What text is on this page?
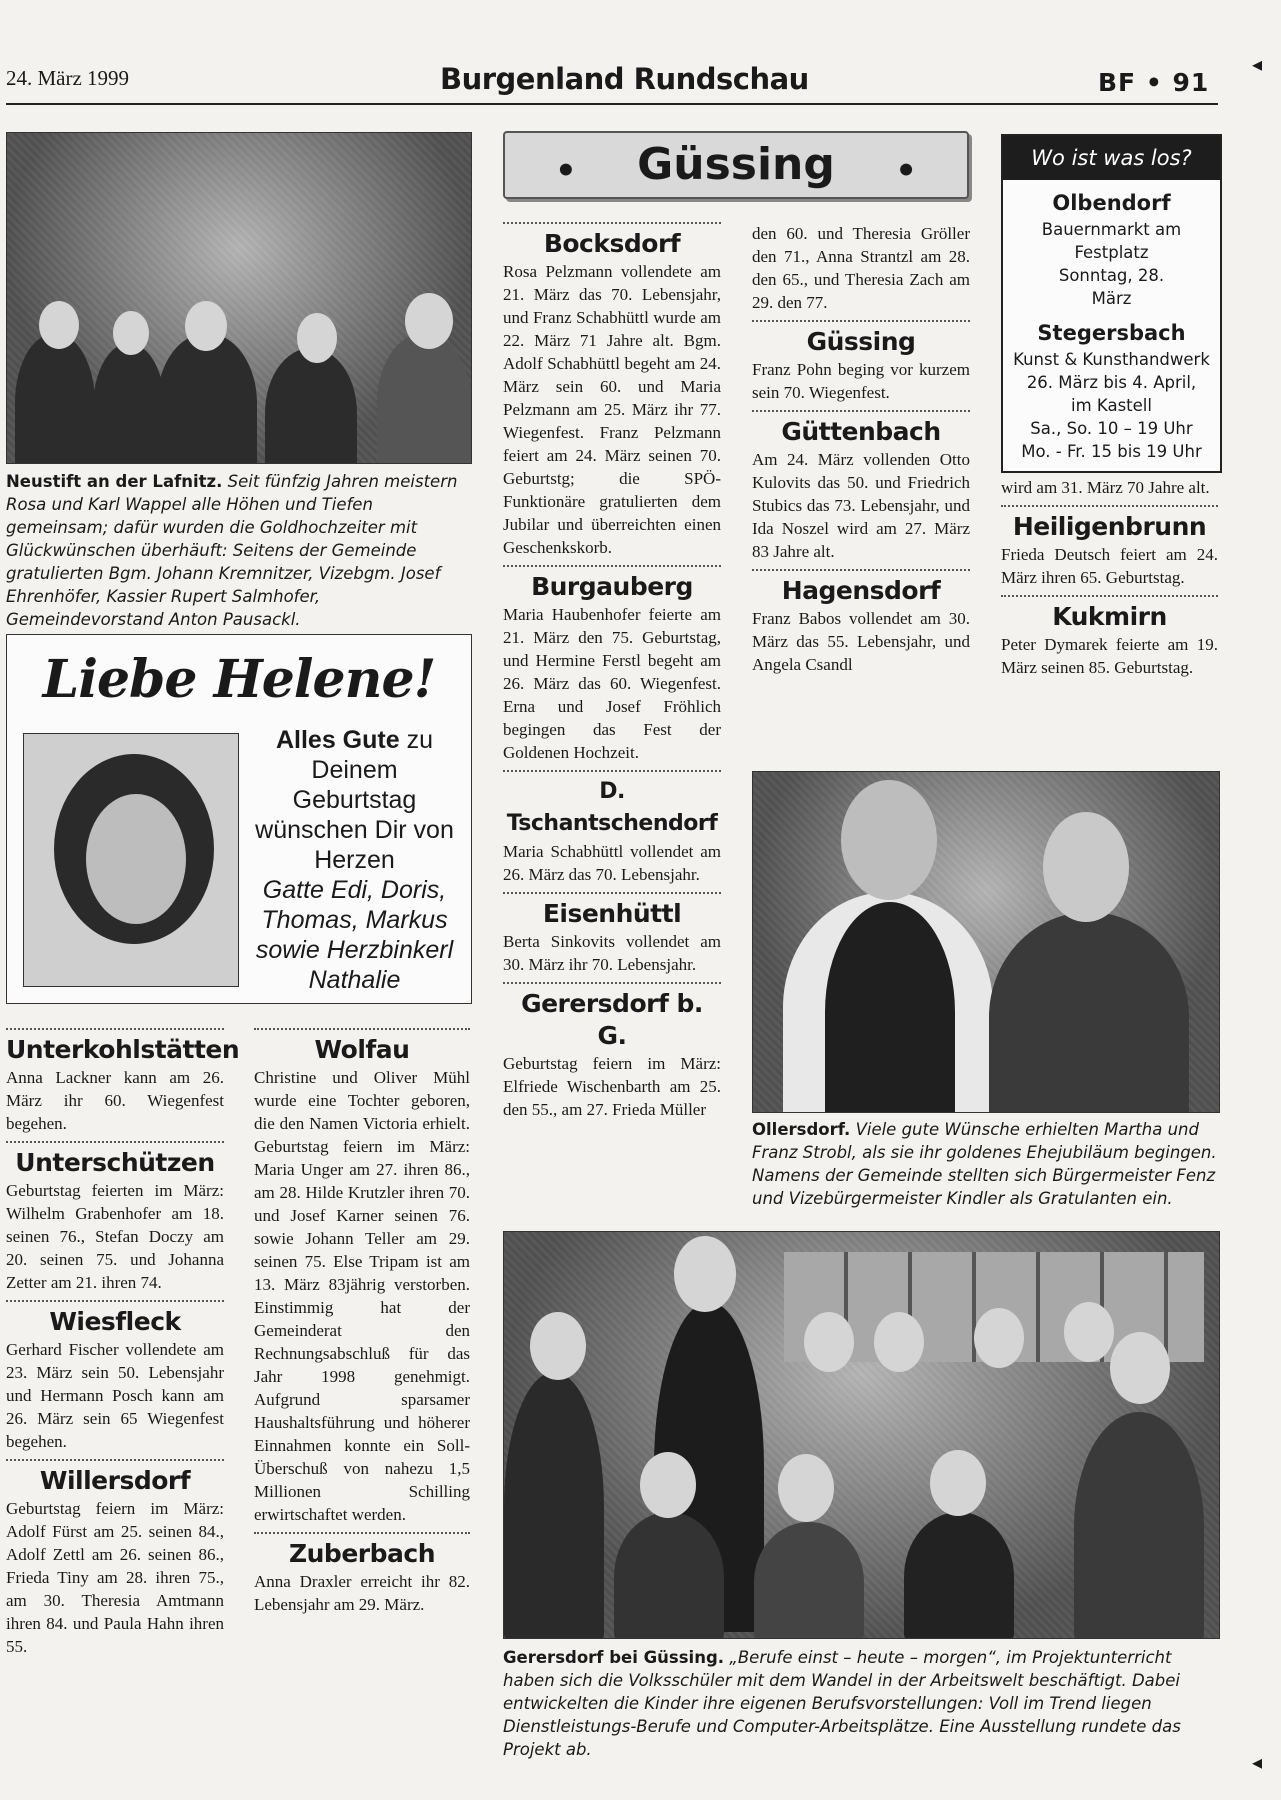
24. März 1999	Burgenland Rundschau	BF • 91
Neustift an der Lafnitz. Seit fünfzig Jahren meistern Rosa und Karl Wappel alle Höhen und Tiefen gemeinsam; dafür wurden die Goldhochzeiter mit Glückwünschen überhäuft: Seitens der Gemeinde gratulierten Bgm. Johann Kremnitzer, Vizebgm. Josef Ehrenhöfer, Kassier Rupert Salmhofer, Gemeindevorstand Anton Pausackl.
Liebe Helene!
Alles Gute zu Deinem Geburtstag wünschen Dir von Herzen
Gatte Edi, Doris, Thomas, Markus sowie Herzbinkerl Nathalie
•	Güssing	•	Wo ist was los?
Olbendorf
Bauernmarkt am Festplatz Sonntag, 28. März
Stegersbach
Kunst & Kunsthandwerk
26. März bis 4. April,
im Kastell
Sa., So. 10 – 19 Uhr
Mo. - Fr. 15 bis 19 Uhr
Unterkohlstätten

Anna Lackner kann am 26. März ihr 60. Wiegenfest begehen.

Unterschützen

Geburtstag feierten im März: Wilhelm Grabenhofer am 18. seinen 76., Stefan Doczy am 20. seinen 75. und Johanna Zetter am 21. ihren 74.

Wiesfleck

Gerhard Fischer vollendete am 23. März sein 50. Lebensjahr und Hermann Posch kann am 26. März sein 65 Wiegenfest begehen.

Willersdorf

Geburtstag feiern im März: Adolf Fürst am 25. seinen 84., Adolf Zettl am 26. seinen 86., Frieda Tiny am 28. ihren 75., am 30. Theresia Amtmann ihren 84. und Paula Hahn ihren 55.

Wolfau

Christine und Oliver Mühl wurde eine Tochter geboren, die den Namen Victoria erhielt. Geburtstag feiern im März: Maria Unger am 27. ihren 86., am 28. Hilde Krutzler ihren 70. und Josef Karner seinen 76. sowie Johann Teller am 29. seinen 75. Else Tripam ist am 13. März 83jährig verstorben. Einstimmig hat der Gemeinderat den Rechnungsabschluß für das Jahr 1998 genehmigt. Aufgrund sparsamer Haushaltsführung und höherer Einnahmen konnte ein Soll-Überschuß von nahezu 1,5 Millionen Schilling erwirtschaftet werden.

Zuberbach

Anna Draxler erreicht ihr 82. Lebensjahr am 29. März.

Bocksdorf

Rosa Pelzmann vollendete am 21. März das 70. Lebensjahr, und Franz Schabhüttl wurde am 22. März 71 Jahre alt. Bgm. Adolf Schabhüttl begeht am 24. März sein 60. und Maria Pelzmann am 25. März ihr 77. Wiegenfest. Franz Pelzmann feiert am 24. März seinen 70. Geburtstg; die SPÖ-Funktionäre gratulierten dem Jubilar und überreichten einen Geschenkskorb.

Burgauberg

Maria Haubenhofer feierte am 21. März den 75. Geburtstag, und Hermine Ferstl begeht am 26. März das 60. Wiegenfest. Erna und Josef Fröhlich begingen das Fest der Goldenen Hochzeit.

D. Tschantschendorf

Maria Schabhüttl vollendet am 26. März das 70. Lebensjahr.

Eisenhüttl

Berta Sinkovits vollendet am 30. März ihr 70. Lebensjahr.

Gerersdorf b. G.

Geburtstag feiern im März: Elfriede Wischenbarth am 25. den 55., am 27. Frieda Müller

den 60. und Theresia Gröller den 71., Anna Strantzl am 28. den 65., und Theresia Zach am 29. den 77.

Güssing

Franz Pohn beging vor kurzem sein 70. Wiegenfest.

Güttenbach

Am 24. März vollenden Otto Kulovits das 50. und Friedrich Stubics das 73. Lebensjahr, und Ida Noszel wird am 27. März 83 Jahre alt.

Hagensdorf

Franz Babos vollendet am 30. März das 55. Lebensjahr, und Angela Csandl

wird am 31. März 70 Jahre alt.

Heiligenbrunn

Frieda Deutsch feiert am 24. März ihren 65. Geburtstag.

Kukmirn

Peter Dymarek feierte am 19. März seinen 85. Geburtstag.

Ollersdorf. Viele gute Wünsche erhielten Martha und Franz Strobl, als sie ihr goldenes Ehejubiläum begingen. Namens der Gemeinde stellten sich Bürgermeister Fenz und Vizebürgermeister Kindler als Gratulanten ein.
Gerersdorf bei Güssing. „Berufe einst – heute – morgen“, im Projektunterricht haben sich die Volksschüler mit dem Wandel in der Arbeitswelt beschäftigt. Dabei entwickelten die Kinder ihre eigenen Berufsvorstellungen: Voll im Trend liegen Dienstleistungs-Berufe und Computer-Arbeitsplätze. Eine Ausstellung rundete das Projekt ab.
◂
◂
